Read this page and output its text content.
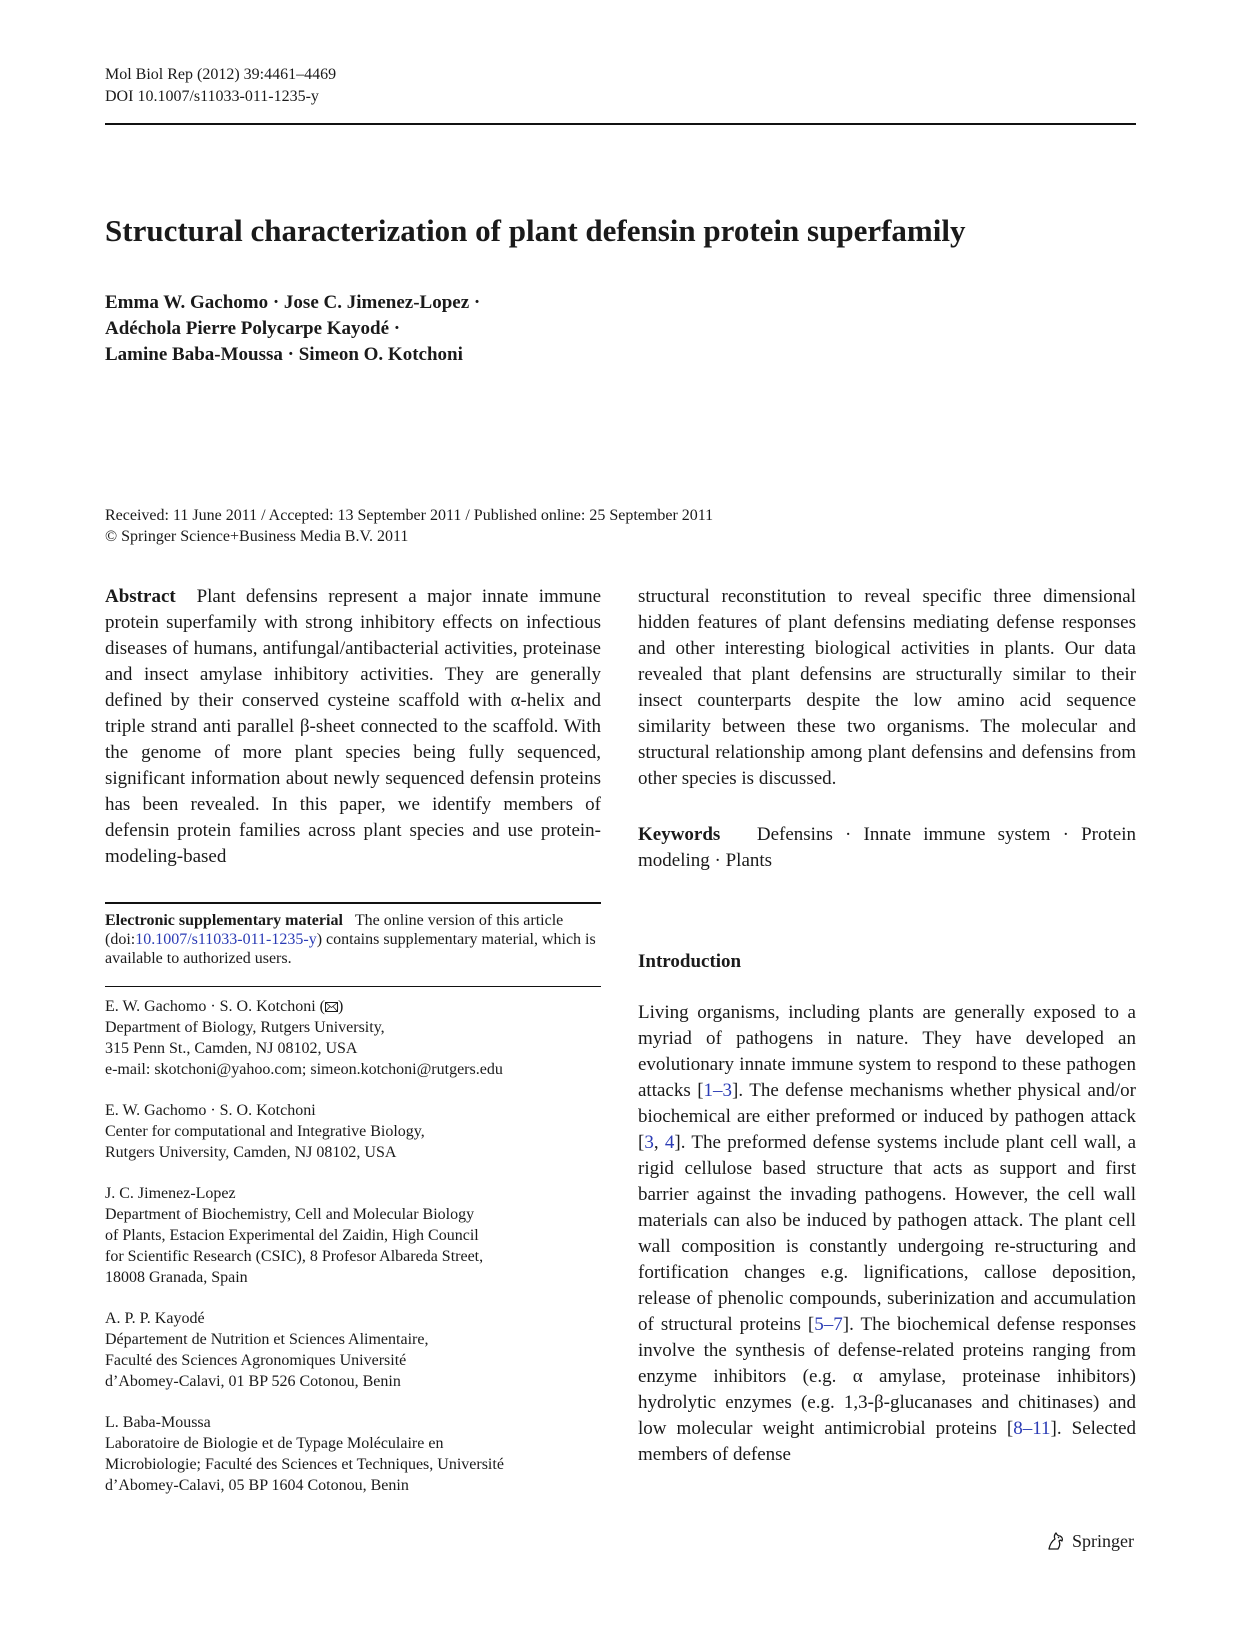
Mol Biol Rep (2012) 39:4461–4469
DOI 10.1007/s11033-011-1235-y
Structural characterization of plant defensin protein superfamily
Emma W. Gachomo · Jose C. Jimenez-Lopez ·
Adéchola Pierre Polycarpe Kayodé ·
Lamine Baba-Moussa · Simeon O. Kotchoni
Received: 11 June 2011 / Accepted: 13 September 2011 / Published online: 25 September 2011
© Springer Science+Business Media B.V. 2011

Abstract Plant defensins represent a major innate immune protein superfamily with strong inhibitory effects on infectious diseases of humans, antifungal/antibacterial activities, proteinase and insect amylase inhibitory activities. They are generally defined by their conserved cysteine scaffold with α-helix and triple strand anti parallel β-sheet connected to the scaffold. With the genome of more plant species being fully sequenced, significant information about newly sequenced defensin proteins has been revealed. In this paper, we identify members of defensin protein families across plant species and use protein-modeling-based

structural reconstitution to reveal specific three dimensional hidden features of plant defensins mediating defense responses and other interesting biological activities in plants. Our data revealed that plant defensins are structurally similar to their insect counterparts despite the low amino acid sequence similarity between these two organisms. The molecular and structural relationship among plant defensins and defensins from other species is discussed.

Keywords Defensins · Innate immune system · Protein modeling · Plants

Electronic supplementary material The online version of this article (doi:10.1007/s11033-011-1235-y) contains supplementary material, which is available to authorized users.
E. W. Gachomo · S. O. Kotchoni ( )
Department of Biology, Rutgers University,
315 Penn St., Camden, NJ 08102, USA
e-mail: skotchoni@yahoo.com; simeon.kotchoni@rutgers.edu
E. W. Gachomo · S. O. Kotchoni
Center for computational and Integrative Biology,
Rutgers University, Camden, NJ 08102, USA
J. C. Jimenez-Lopez
Department of Biochemistry, Cell and Molecular Biology
of Plants, Estacion Experimental del Zaidin, High Council
for Scientific Research (CSIC), 8 Profesor Albareda Street,
18008 Granada, Spain
A. P. P. Kayodé
Département de Nutrition et Sciences Alimentaire,
Faculté des Sciences Agronomiques Université
d’Abomey-Calavi, 01 BP 526 Cotonou, Benin
L. Baba-Moussa
Laboratoire de Biologie et de Typage Moléculaire en
Microbiologie; Faculté des Sciences et Techniques, Université
d’Abomey-Calavi, 05 BP 1604 Cotonou, Benin
Introduction

Living organisms, including plants are generally exposed to a myriad of pathogens in nature. They have developed an evolutionary innate immune system to respond to these pathogen attacks [1–3]. The defense mechanisms whether physical and/or biochemical are either preformed or induced by pathogen attack [3, 4]. The preformed defense systems include plant cell wall, a rigid cellulose based structure that acts as support and first barrier against the invading pathogens. However, the cell wall materials can also be induced by pathogen attack. The plant cell wall composition is constantly undergoing re-structuring and fortification changes e.g. lignifications, callose deposition, release of phenolic compounds, suberinization and accumulation of structural proteins [5–7]. The biochemical defense responses involve the synthesis of defense-related proteins ranging from enzyme inhibitors (e.g. α amylase, proteinase inhibitors) hydrolytic enzymes (e.g. 1,3-β-glucanases and chitinases) and low molecular weight antimicrobial proteins [8–11]. Selected members of defense

Springer
